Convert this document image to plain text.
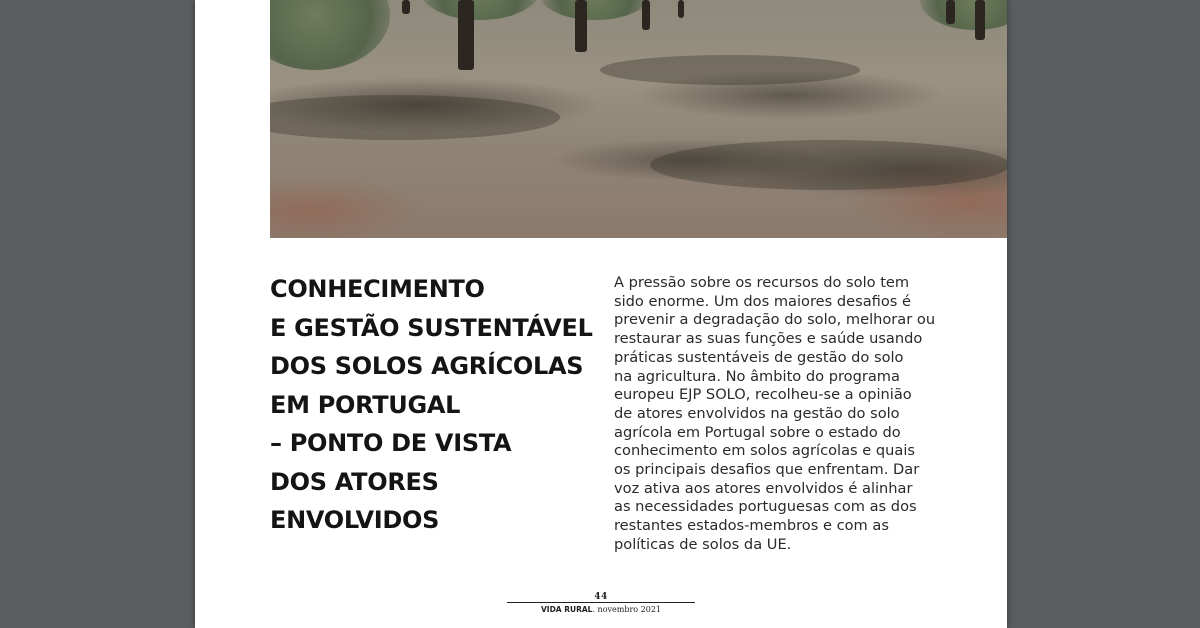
CONHECIMENTO
E GESTÃO SUSTENTÁVEL
DOS SOLOS AGRÍCOLAS
EM PORTUGAL
– PONTO DE VISTA
DOS ATORES
ENVOLVIDOS
A pressão sobre os recursos do solo tem
sido enorme. Um dos maiores desafios é
prevenir a degradação do solo, melhorar ou
restaurar as suas funções e saúde usando
práticas sustentáveis de gestão do solo
na agricultura. No âmbito do programa
europeu EJP SOLO, recolheu-se a opinião
de atores envolvidos na gestão do solo
agrícola em Portugal sobre o estado do
conhecimento em solos agrícolas e quais
os principais desafios que enfrentam. Dar
voz ativa aos atores envolvidos é alinhar
as necessidades portuguesas com as dos
restantes estados-membros e com as
políticas de solos da UE.
44
VIDA RURAL. novembro 2021
